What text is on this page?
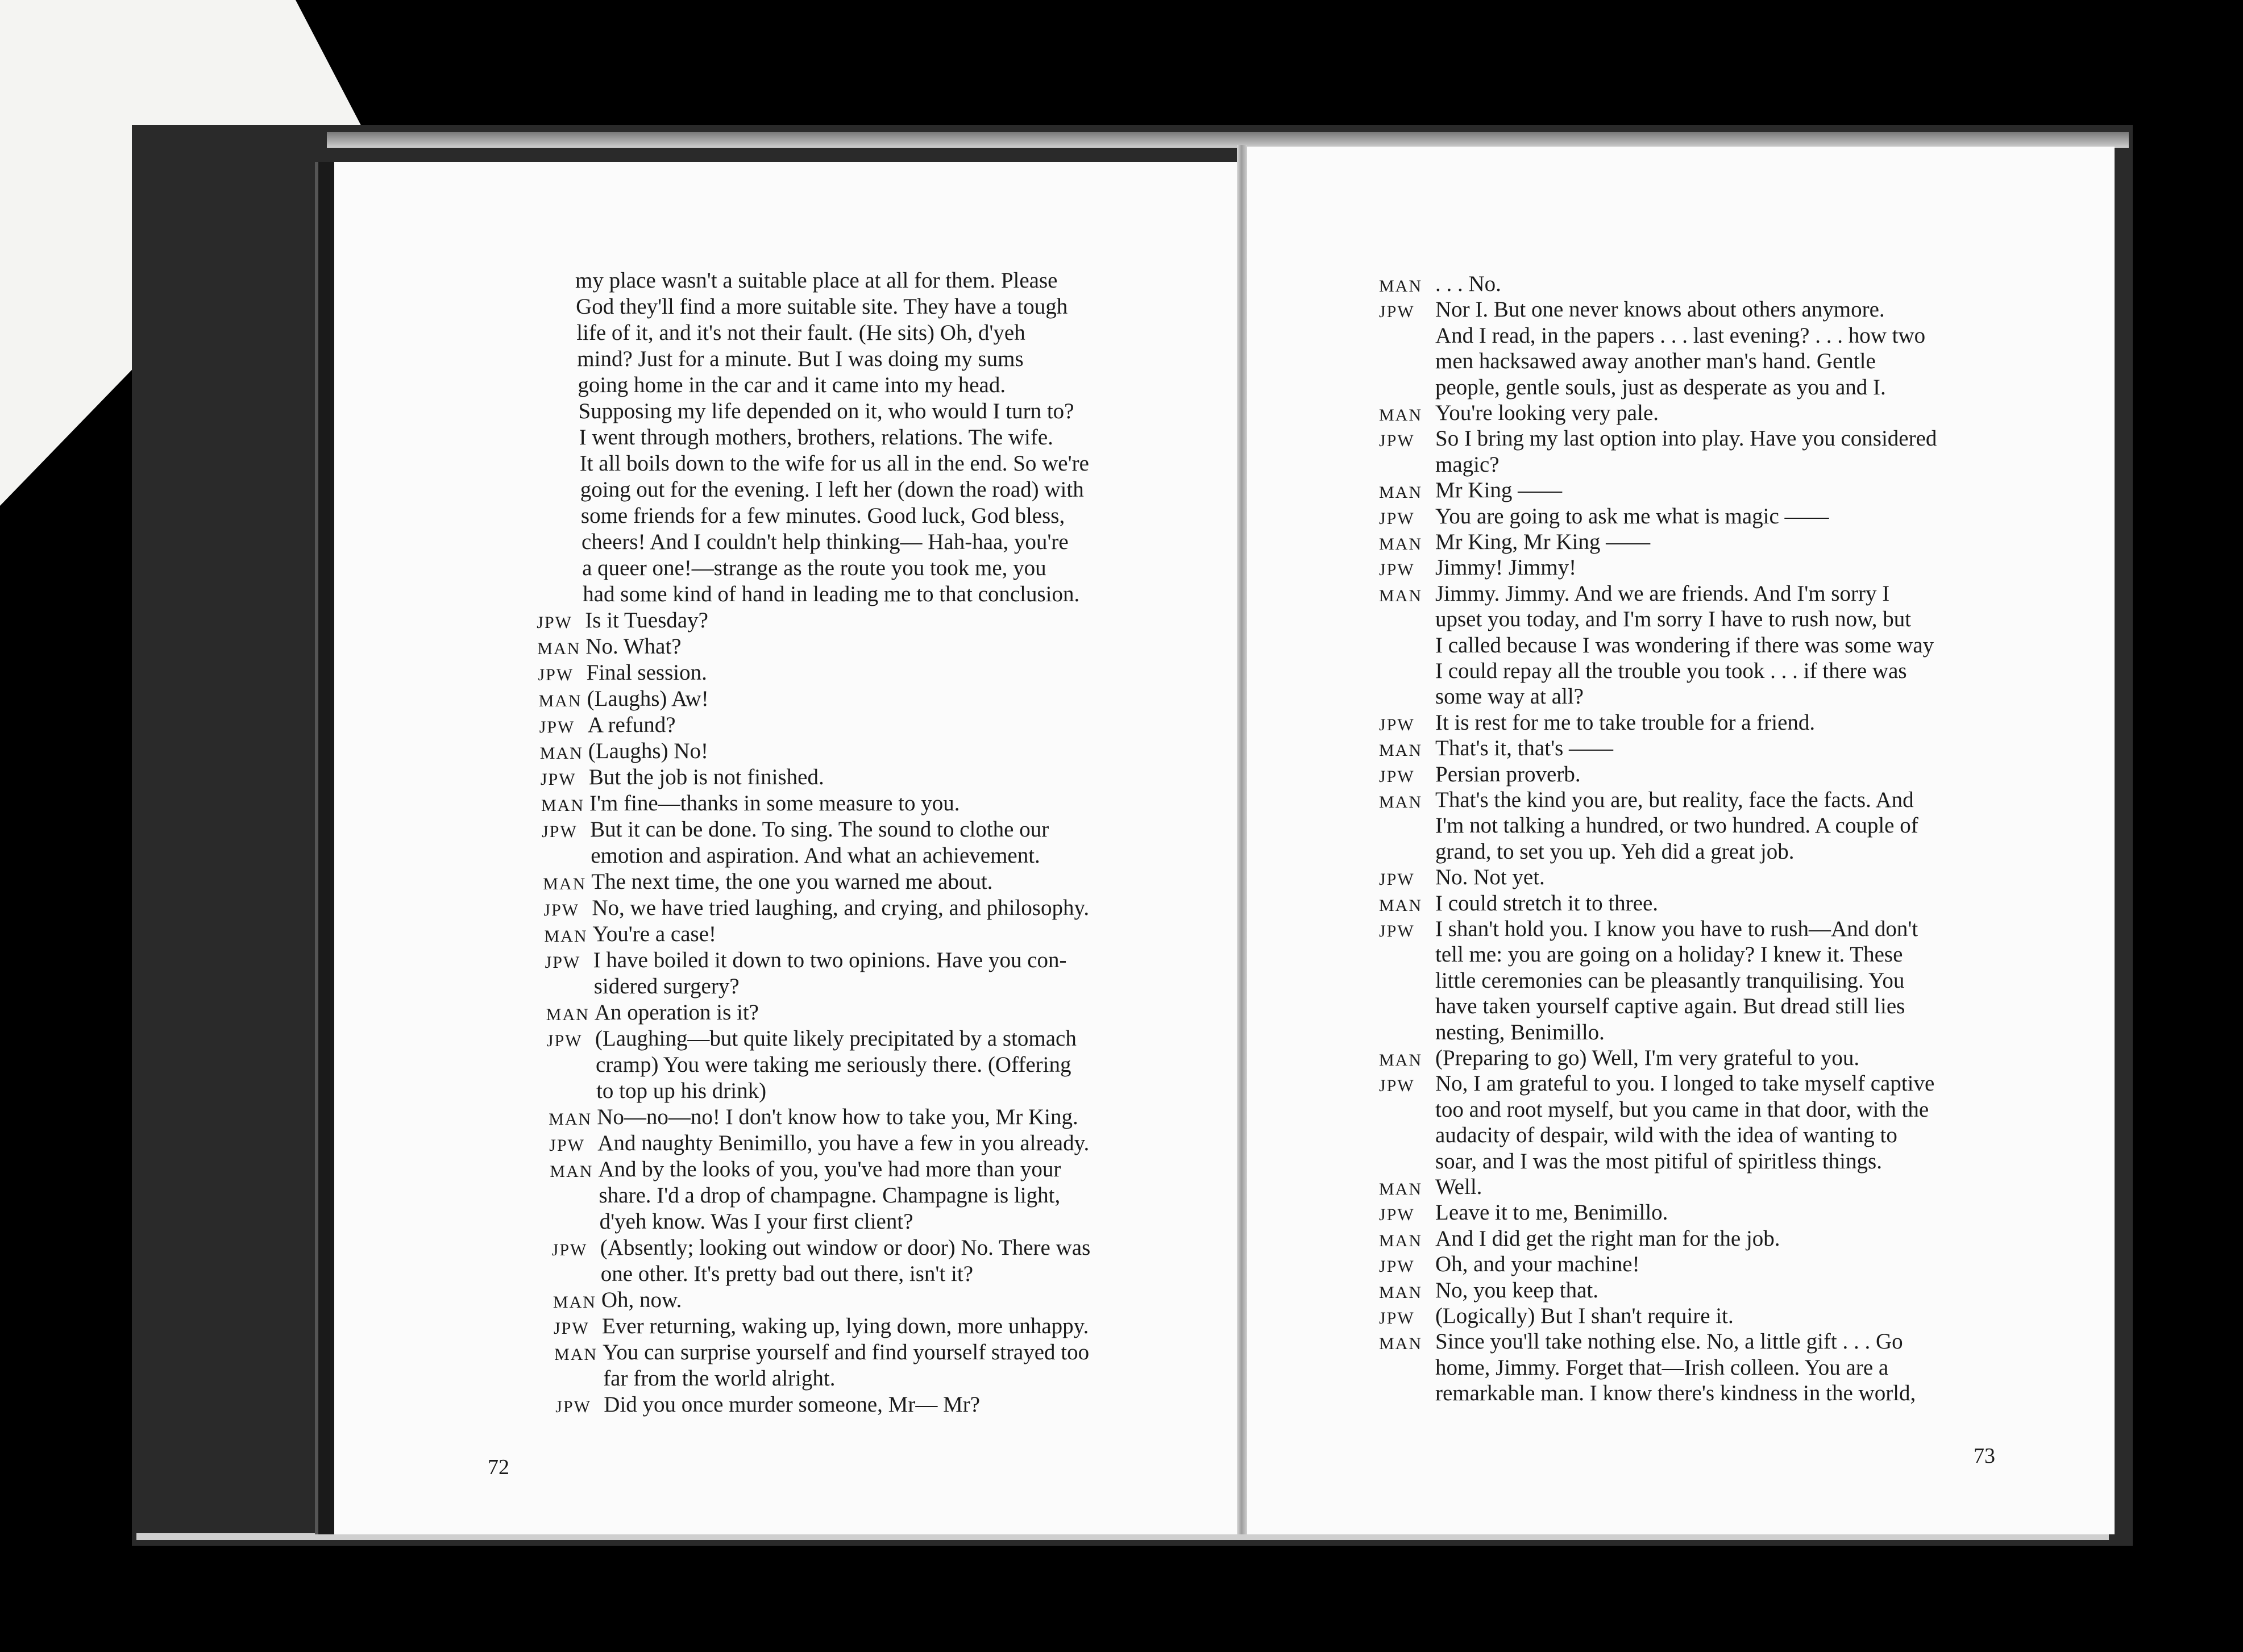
my place wasn't a suitable place at all for them. Please
God they'll find a more suitable site. They have a tough
life of it, and it's not their fault. (He sits) Oh, d'yeh
mind? Just for a minute. But I was doing my sums
going home in the car and it came into my head.
Supposing my life depended on it, who would I turn to?
I went through mothers, brothers, relations. The wife.
It all boils down to the wife for us all in the end. So we're
going out for the evening. I left her (down the road) with
some friends for a few minutes. Good luck, God bless,
cheers! And I couldn't help thinking— Hah-haa, you're
a queer one!—strange as the route you took me, you
had some kind of hand in leading me to that conclusion.
JPW Is it Tuesday?
MAN No. What?
JPW Final session.
MAN (Laughs) Aw!
JPW A refund?
MAN (Laughs) No!
JPW But the job is not finished.
MAN I'm fine—thanks in some measure to you.
JPW But it can be done. To sing. The sound to clothe our
emotion and aspiration. And what an achievement.
MAN The next time, the one you warned me about.
JPW No, we have tried laughing, and crying, and philosophy.
MAN You're a case!
JPW I have boiled it down to two opinions. Have you con-
sidered surgery?
MAN An operation is it?
JPW (Laughing—but quite likely precipitated by a stomach
cramp) You were taking me seriously there. (Offering
to top up his drink)
MAN No—no—no! I don't know how to take you, Mr King.
JPW And naughty Benimillo, you have a few in you already.
MAN And by the looks of you, you've had more than your
share. I'd a drop of champagne. Champagne is light,
d'yeh know. Was I your first client?
JPW (Absently; looking out window or door) No. There was
one other. It's pretty bad out there, isn't it?
MAN Oh, now.
JPW Ever returning, waking up, lying down, more unhappy.
MAN You can surprise yourself and find yourself strayed too
far from the world alright.
JPW Did you once murder someone, Mr— Mr?
MAN . . . No.
JPW Nor I. But one never knows about others anymore.
And I read, in the papers . . . last evening? . . . how two
men hacksawed away another man's hand. Gentle
people, gentle souls, just as desperate as you and I.
MAN You're looking very pale.
JPW So I bring my last option into play. Have you considered
magic?
MAN Mr King ——
JPW You are going to ask me what is magic ——
MAN Mr King, Mr King ——
JPW Jimmy! Jimmy!
MAN Jimmy. Jimmy. And we are friends. And I'm sorry I
upset you today, and I'm sorry I have to rush now, but
I called because I was wondering if there was some way
I could repay all the trouble you took . . . if there was
some way at all?
JPW It is rest for me to take trouble for a friend.
MAN That's it, that's ——
JPW Persian proverb.
MAN That's the kind you are, but reality, face the facts. And
I'm not talking a hundred, or two hundred. A couple of
grand, to set you up. Yeh did a great job.
JPW No. Not yet.
MAN I could stretch it to three.
JPW I shan't hold you. I know you have to rush—And don't
tell me: you are going on a holiday? I knew it. These
little ceremonies can be pleasantly tranquilising. You
have taken yourself captive again. But dread still lies
nesting, Benimillo.
MAN (Preparing to go) Well, I'm very grateful to you.
JPW No, I am grateful to you. I longed to take myself captive
too and root myself, but you came in that door, with the
audacity of despair, wild with the idea of wanting to
soar, and I was the most pitiful of spiritless things.
MAN Well.
JPW Leave it to me, Benimillo.
MAN And I did get the right man for the job.
JPW Oh, and your machine!
MAN No, you keep that.
JPW (Logically) But I shan't require it.
MAN Since you'll take nothing else. No, a little gift . . . Go
home, Jimmy. Forget that—Irish colleen. You are a
remarkable man. I know there's kindness in the world,
72	73
